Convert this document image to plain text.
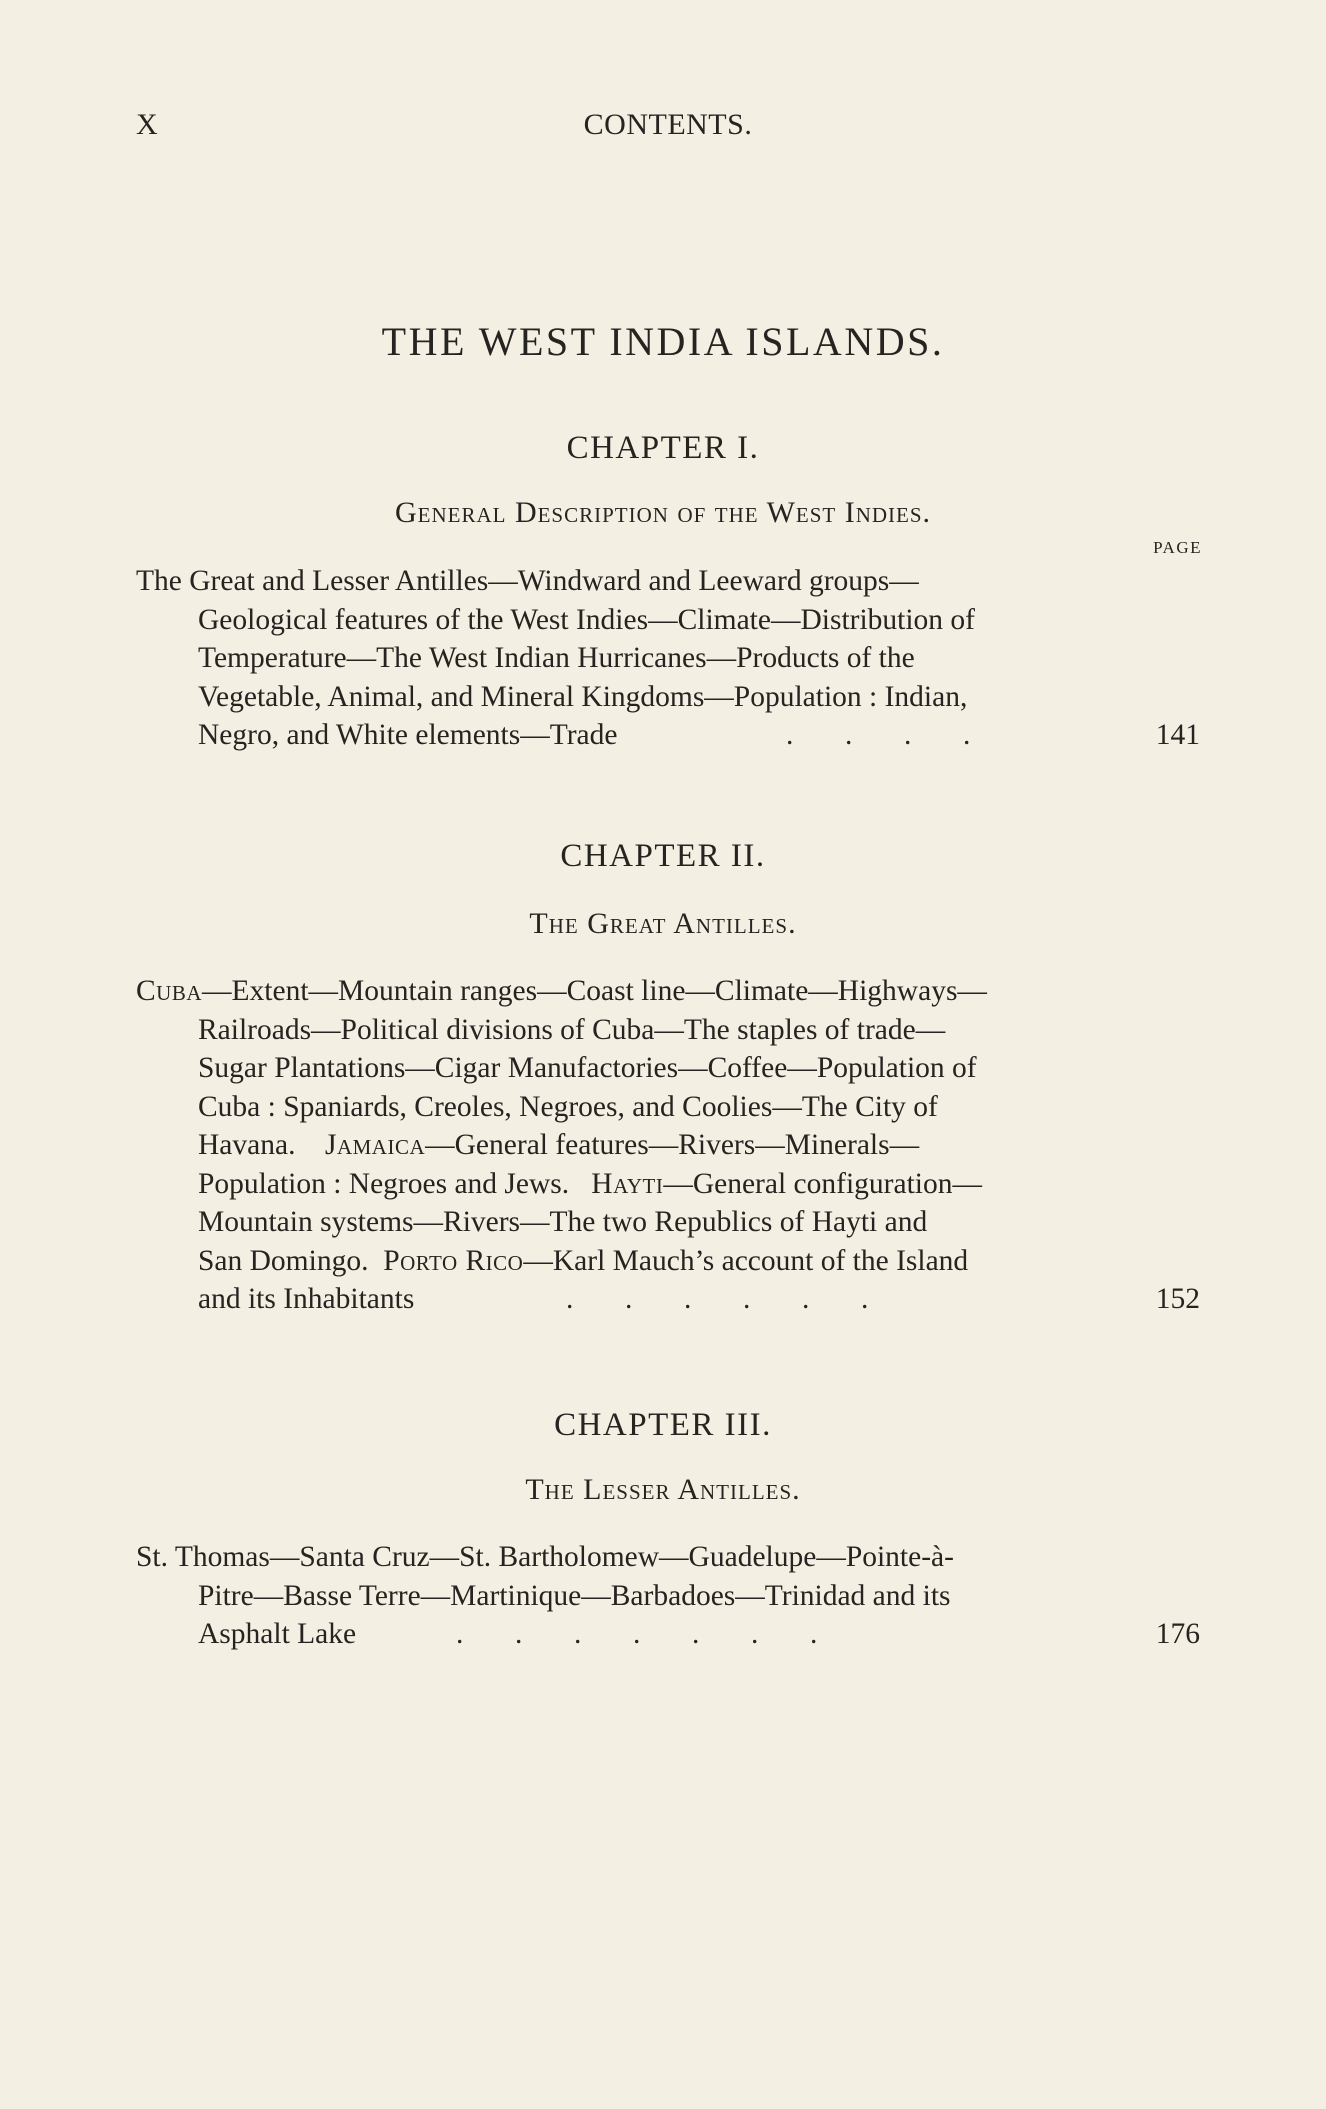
X	CONTENTS.
THE WEST INDIA ISLANDS.
CHAPTER I.
General Description of the West Indies.
PAGE
The Great and Lesser Antilles—Windward and Leeward groups—
Geological features of the West Indies—Climate—Distribution of
Temperature—The West Indian Hurricanes—Products of the
Vegetable, Animal, and Mineral Kingdoms—Population : Indian,
Negro, and White elements—Trade	.       .       .       .	141
CHAPTER II.
The Great Antilles.
Cuba—Extent—Mountain ranges—Coast line—Climate—Highways—
Railroads—Political divisions of Cuba—The staples of trade—
Sugar Plantations—Cigar Manufactories—Coffee—Population of
Cuba : Spaniards, Creoles, Negroes, and Coolies—The City of
Havana. Jamaica—General features—Rivers—Minerals—
Population : Negroes and Jews. Hayti—General configuration—
Mountain systems—Rivers—The two Republics of Hayti and
San Domingo. Porto Rico—Karl Mauch’s account of the Island
and its Inhabitants	.       .       .       .       .       .	152
CHAPTER III.
The Lesser Antilles.
St. Thomas—Santa Cruz—St. Bartholomew—Guadelupe—Pointe-à-
Pitre—Basse Terre—Martinique—Barbadoes—Trinidad and its
Asphalt Lake	.       .       .       .       .       .       .	176
